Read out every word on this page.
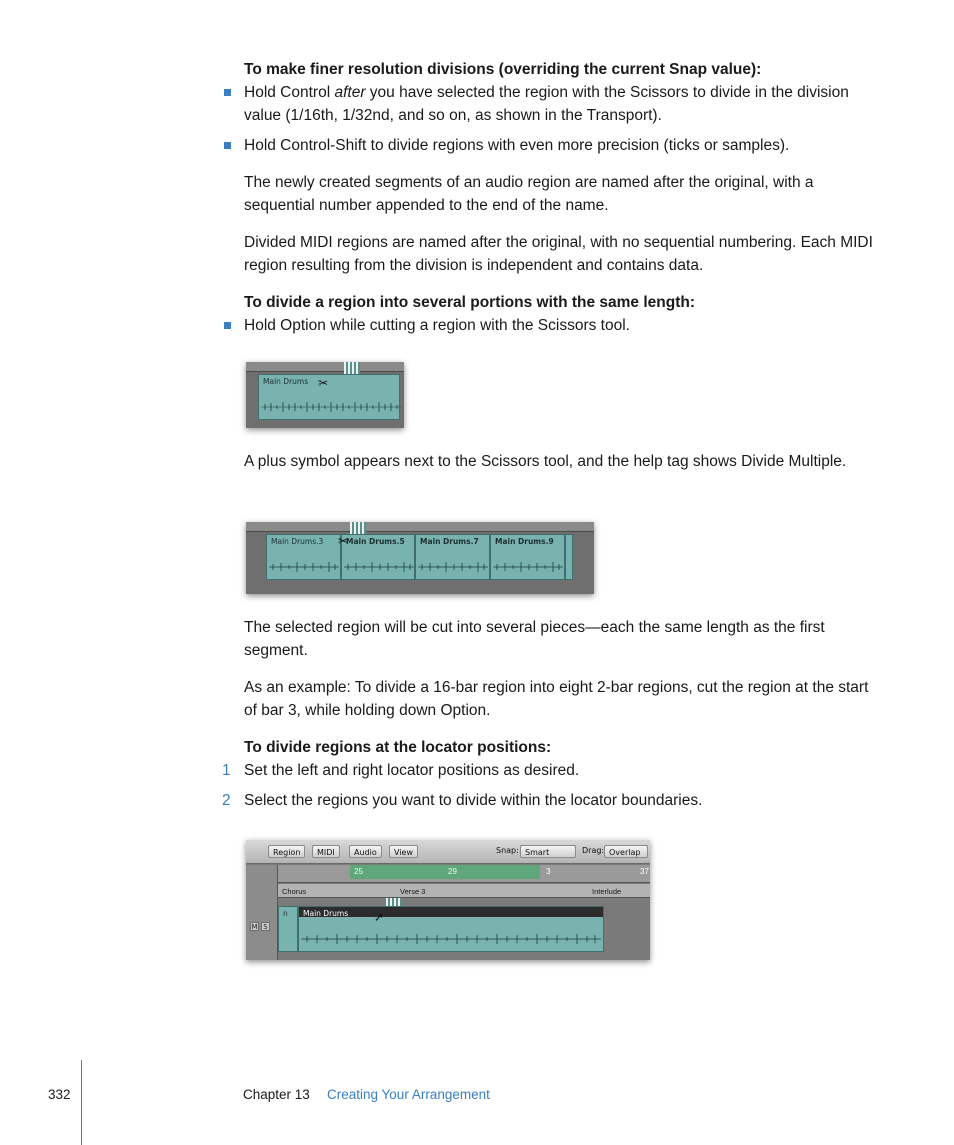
To make finer resolution divisions (overriding the current Snap value):
Hold Control after you have selected the region with the Scissors to divide in the division value (1/16th, 1/32nd, and so on, as shown in the Transport).
Hold Control-Shift to divide regions with even more precision (ticks or samples).
The newly created segments of an audio region are named after the original, with a sequential number appended to the end of the name.
Divided MIDI regions are named after the original, with no sequential numbering. Each MIDI region resulting from the division is independent and contains data.
To divide a region into several portions with the same length:
Hold Option while cutting a region with the Scissors tool.
Main Drums ✂
A plus symbol appears next to the Scissors tool, and the help tag shows Divide Multiple.
Main Drums.3	Main Drums.5 Main Drums.7 Main Drums.9
✂
The selected region will be cut into several pieces—each the same length as the first segment.
As an example: To divide a 16-bar region into eight 2-bar regions, cut the region at the start of bar 3, while holding down Option.
To divide regions at the locator positions:
1 Set the left and right locator positions as desired.
2 Select the regions you want to divide within the locator boundaries.
Region	MIDI	Audio	View	Snap: Smart	Drag: Overlap
M S
25	29	3	37
Chorus	Verse 3	Interlude
n Main Drums ➚
332	Chapter 13 Creating Your Arrangement
